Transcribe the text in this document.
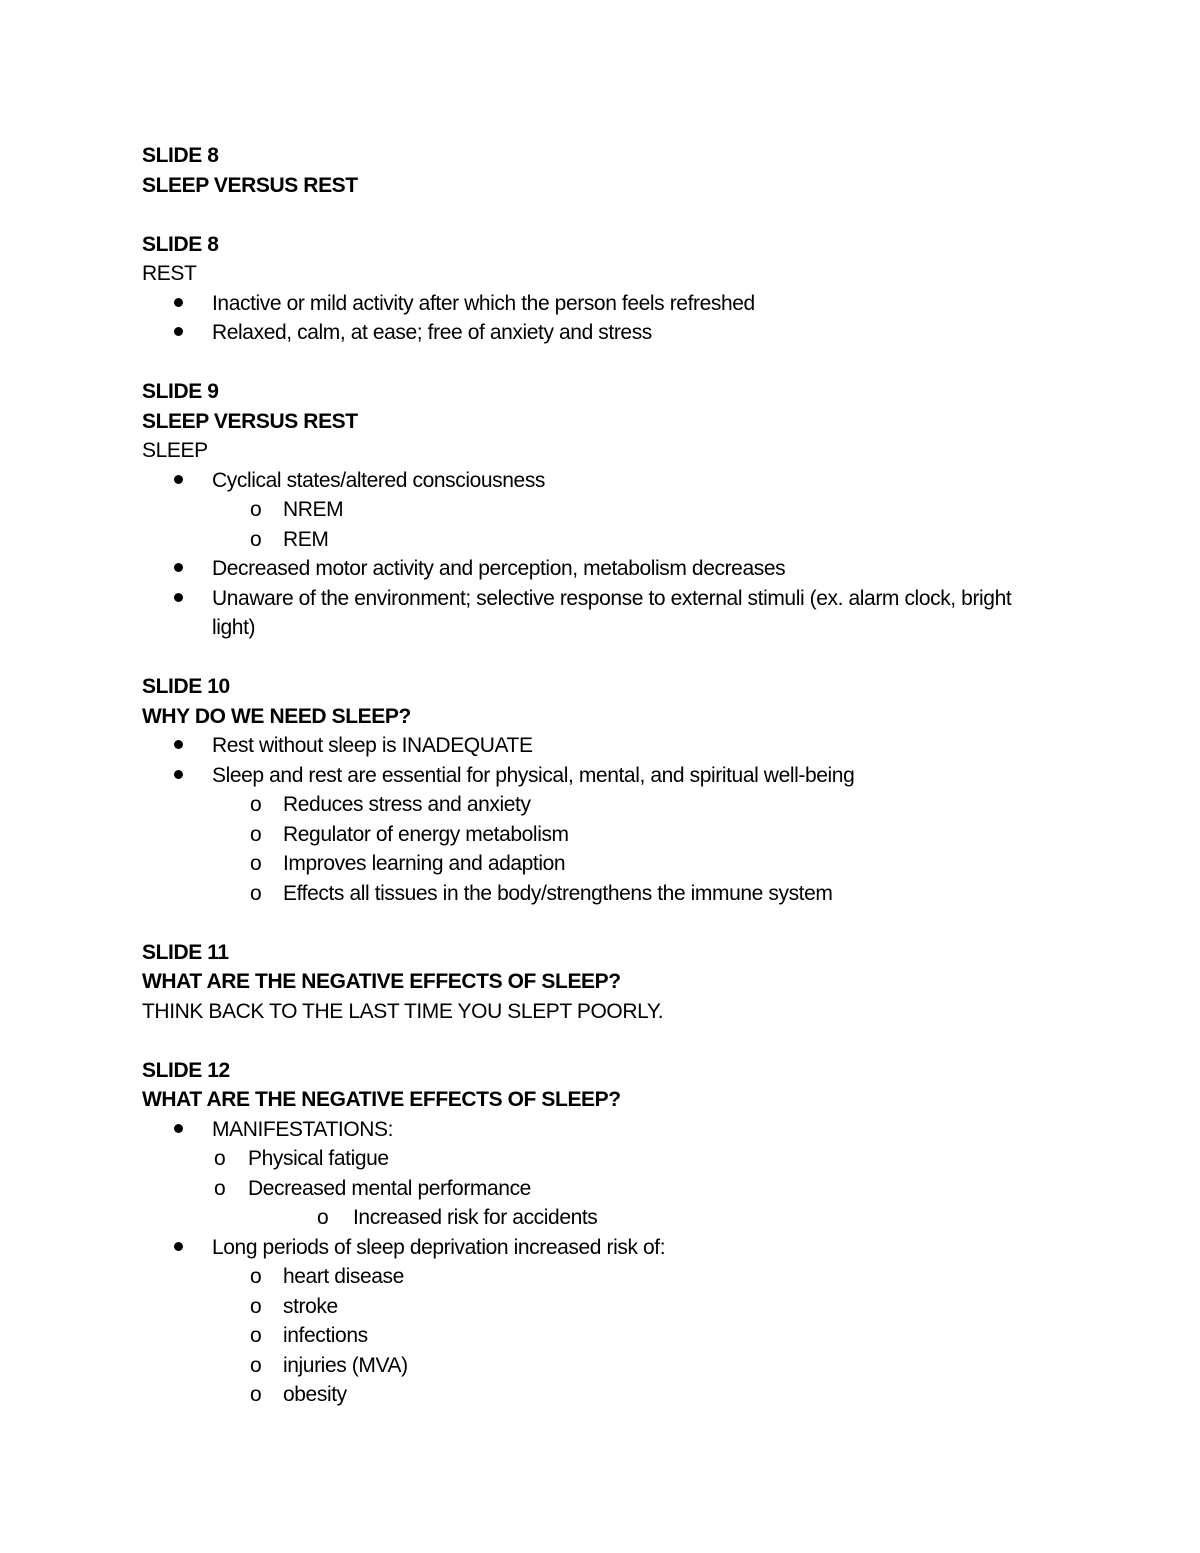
SLIDE 8
SLEEP VERSUS REST
SLIDE 8
REST
Inactive or mild activity after which the person feels refreshed
Relaxed, calm, at ease; free of anxiety and stress
SLIDE 9
SLEEP VERSUS REST
SLEEP
Cyclical states/altered consciousness
o NREM
o REM
Decreased motor activity and perception, metabolism decreases
Unaware of the environment; selective response to external stimuli (ex. alarm clock, bright light)
SLIDE 10
WHY DO WE NEED SLEEP?
Rest without sleep is INADEQUATE
Sleep and rest are essential for physical, mental, and spiritual well-being
o Reduces stress and anxiety
o Regulator of energy metabolism
o Improves learning and adaption
o Effects all tissues in the body/strengthens the immune system
SLIDE 11
WHAT ARE THE NEGATIVE EFFECTS OF SLEEP?
THINK BACK TO THE LAST TIME YOU SLEPT POORLY.
SLIDE 12
WHAT ARE THE NEGATIVE EFFECTS OF SLEEP?
MANIFESTATIONS:
o Physical fatigue
o Decreased mental performance
o Increased risk for accidents
Long periods of sleep deprivation increased risk of:
o heart disease
o stroke
o infections
o injuries (MVA)
o obesity
